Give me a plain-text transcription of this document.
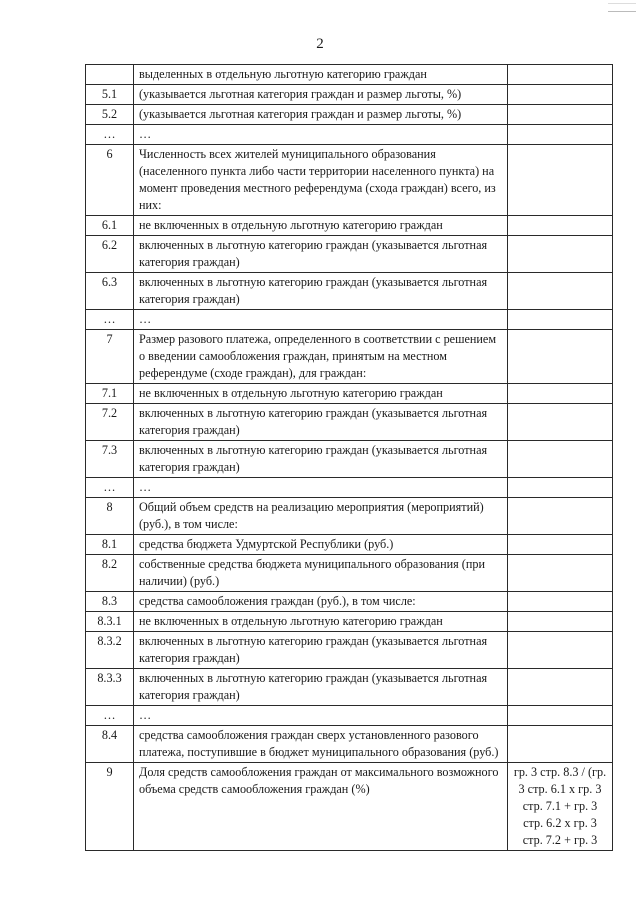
2
	выделенных в отдельную льготную категорию граждан	
5.1	(указывается льготная категория граждан и размер льготы, %)	
5.2	(указывается льготная категория граждан и размер льготы, %)	
…	…	
6	Численность всех жителей муниципального образования (населенного пункта либо части территории населенного пункта) на момент проведения местного референдума (схода граждан) всего, из них:	
6.1	не включенных в отдельную льготную категорию граждан	
6.2	включенных в льготную категорию граждан (указывается льготная категория граждан)	
6.3	включенных в льготную категорию граждан (указывается льготная категория граждан)	
…	…	
7	Размер разового платежа, определенного в соответствии с решением о введении самообложения граждан, принятым на местном референдуме (сходе граждан), для граждан:	
7.1	не включенных в отдельную льготную категорию граждан	
7.2	включенных в льготную категорию граждан (указывается льготная категория граждан)	
7.3	включенных в льготную категорию граждан (указывается льготная категория граждан)	
…	…	
8	Общий объем средств на реализацию мероприятия (мероприятий) (руб.), в том числе:	
8.1	средства бюджета Удмуртской Республики (руб.)	
8.2	собственные средства бюджета муниципального образования (при наличии) (руб.)	
8.3	средства самообложения граждан (руб.), в том числе:	
8.3.1	не включенных в отдельную льготную категорию граждан	
8.3.2	включенных в льготную категорию граждан (указывается льготная категория граждан)	
8.3.3	включенных в льготную категорию граждан (указывается льготная категория граждан)	
…	…	
8.4	средства самообложения граждан сверх установленного разового платежа, поступившие в бюджет муниципального образования (руб.)	
9	Доля средств самообложения граждан от максимального возможного объема средств самообложения граждан (%)	гр. 3 стр. 8.3 / (гр. 3 стр. 6.1 x гр. 3 стр. 7.1 + гр. 3 стр. 6.2 x гр. 3 стр. 7.2 + гр. 3
